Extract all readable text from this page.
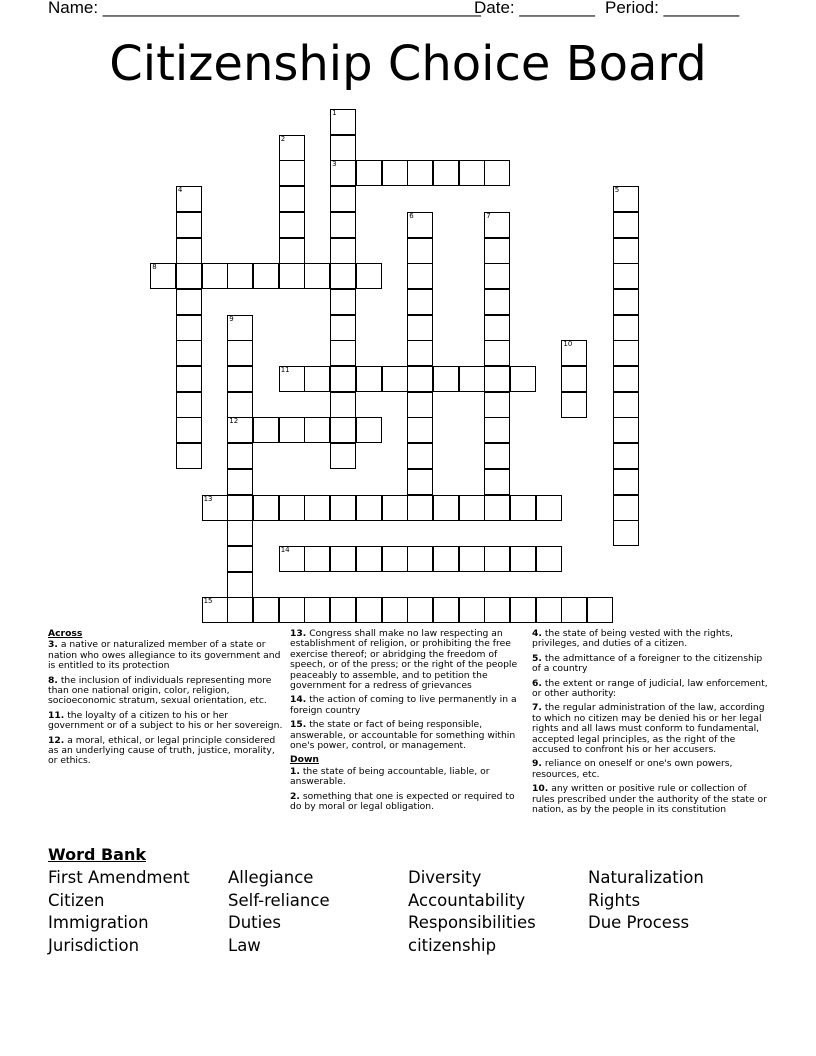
Name: ________________________________________
Date: ________ Period: ________
Citizenship Choice Board
1
3
2
4	5
6	7
8
9
12
10
11
13
14
15
Across
3. a native or naturalized member of a state or nation who owes allegiance to its government and is entitled to its protection
8. the inclusion of individuals representing more than one national origin, color, religion, socioeconomic stratum, sexual orientation, etc.
11. the loyalty of a citizen to his or her government or of a subject to his or her sovereign.
12. a moral, ethical, or legal principle considered as an underlying cause of truth, justice, morality, or ethics.
13. Congress shall make no law respecting an establishment of religion, or prohibiting the free exercise thereof; or abridging the freedom of speech, or of the press; or the right of the people peaceably to assemble, and to petition the government for a redress of grievances
14. the action of coming to live permanently in a foreign country
15. the state or fact of being responsible, answerable, or accountable for something within one's power, control, or management.
Down
1. the state of being accountable, liable, or answerable.
2. something that one is expected or required to do by moral or legal obligation.
4. the state of being vested with the rights, privileges, and duties of a citizen.
5. the admittance of a foreigner to the citizenship of a country
6. the extent or range of judicial, law enforcement, or other authority:
7. the regular administration of the law, according to which no citizen may be denied his or her legal rights and all laws must conform to fundamental, accepted legal principles, as the right of the accused to confront his or her accusers.
9. reliance on oneself or one's own powers, resources, etc.
10. any written or positive rule or collection of rules prescribed under the authority of the state or nation, as by the people in its constitution
Word Bank
First Amendment
Citizen
Immigration
Jurisdiction
Allegiance
Self-reliance
Duties
Law
Diversity
Accountability
Responsibilities
citizenship
Naturalization
Rights
Due Process
